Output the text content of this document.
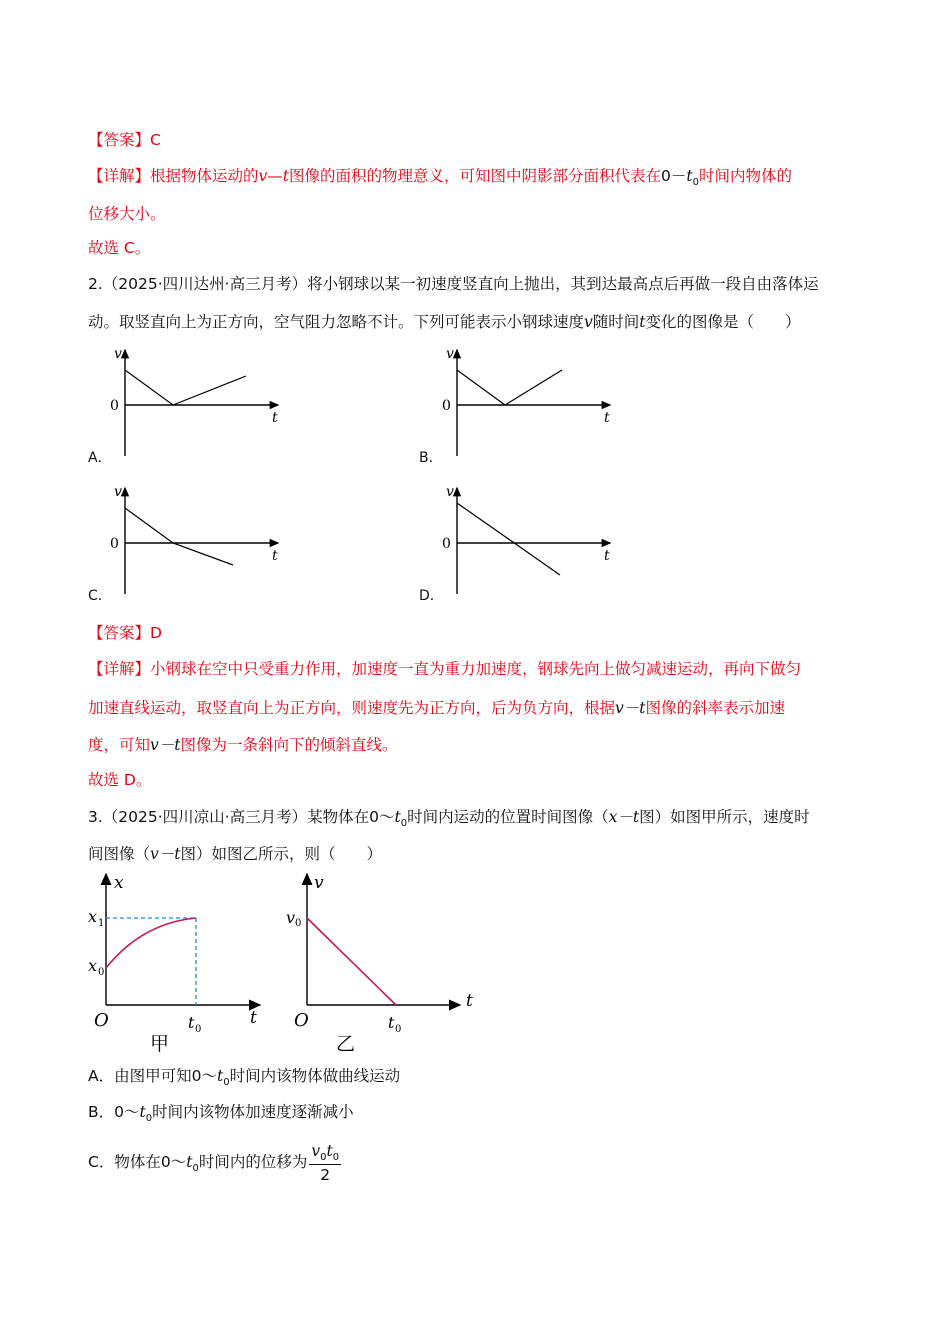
【答案】C
【详解】根据物体运动的v—t图像的面积的物理意义，可知图中阴影部分面积代表在$0-t_0$时间内物体的
位移大小。
故选 C。
2.（2025·四川达州·高三月考）将小钢球以某一初速度竖直向上抛出，其到达最高点后再做一段自由落体运
动。取竖直向上为正方向，空气阻力忽略不计。下列可能表示小钢球速度v随时间t变化的图像是（　　）
v
0
t
A．
v
0
t
B．
v
0
t
C．
v
0
t
D．
【答案】D
【详解】小钢球在空中只受重力作用，加速度一直为重力加速度，钢球先向上做匀减速运动，再向下做匀
加速直线运动，取竖直向上为正方向，则速度先为正方向，后为负方向，根据v－t图像的斜率表示加速
度，可知v－t图像为一条斜向下的倾斜直线。
故选 D。
3.（2025·四川凉山·高三月考）某物体在$0\sim t_0$时间内运动的位置时间图像（x－t图）如图甲所示，速度时
间图像（v－t图）如图乙所示，则（　　）
x
x 1
x 0
O	t 0
t
甲
v
v 0
O	t 0
t
乙
A．由图甲可知$0\sim t_0$时间内该物体做曲线运动
B．$0\sim t_0$时间内该物体加速度逐渐减小
C．物体在$0\sim t_0$时间内的位移为 $\frac{v_0t_0}{2}$
